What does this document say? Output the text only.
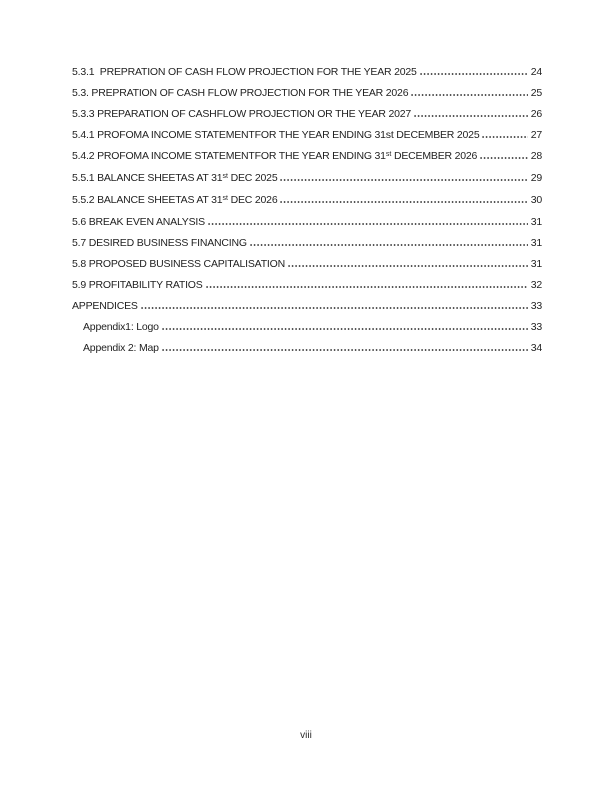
5.3.1  PREPRATION OF CASH FLOW PROJECTION FOR THE YEAR 2025	24
5.3. PREPRATION OF CASH FLOW PROJECTION FOR THE YEAR 2026	25
5.3.3 PREPARATION OF CASHFLOW PROJECTION OR THE YEAR 2027	26
5.4.1 PROFOMA INCOME STATEMENTFOR THE YEAR ENDING 31st DECEMBER 2025	27
5.4.2 PROFOMA INCOME STATEMENTFOR THE YEAR ENDING 31st DECEMBER 2026	28
5.5.1 BALANCE SHEETAS AT 31st DEC 2025	29
5.5.2 BALANCE SHEETAS AT 31st DEC 2026	30
5.6 BREAK EVEN ANALYSIS	31
5.7 DESIRED BUSINESS FINANCING	31
5.8 PROPOSED BUSINESS CAPITALISATION	31
5.9 PROFITABILITY RATIOS	32
APPENDICES	33
Appendix1: Logo	33
Appendix 2: Map	34
viii
